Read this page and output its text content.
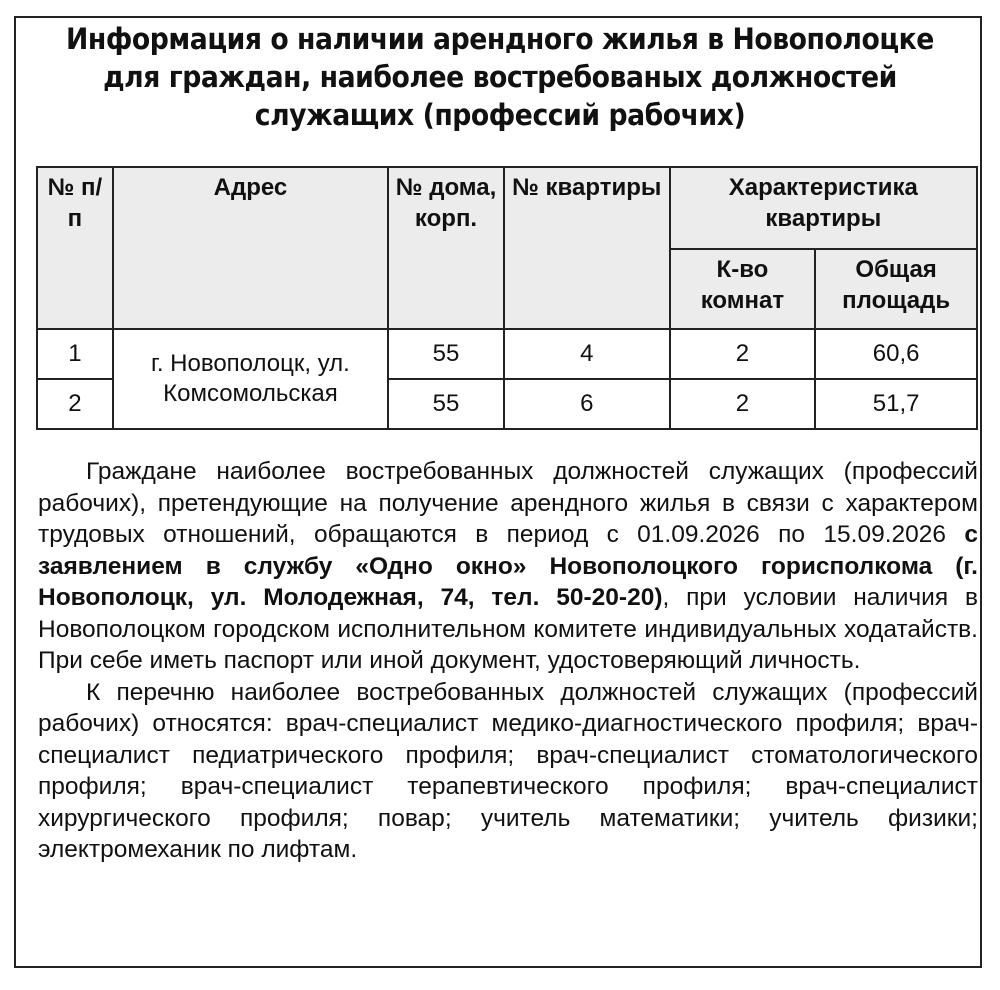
Информация о наличии арендного жилья в Новополоцке для граждан, наиболее востребованых должностей служащих (профессий рабочих)
№ п/п	Адрес	№ дома, корп.	№ квартиры	Характеристика квартиры	
				К-во комнат	Общая площадь
1	г. Новополоцк, ул. Комсомольская	55	4	2	60,6
2		55	6	2	51,7

Граждане наиболее востребованных должностей служащих (профессий рабочих), претендующие на получение арендного жилья в связи с характером трудовых отношений, обращаются в период с 01.09.2026 по 15.09.2026 с заявлением в службу «Одно окно» Новополоцкого горисполкома (г. Новополоцк, ул. Молодежная, 74, тел. 50-20-20), при условии наличия в Новополоцком городском исполнительном комитете индивидуальных ходатайств. При себе иметь паспорт или иной документ, удостоверяющий личность.

К перечню наиболее востребованных должностей служащих (профессий рабочих) относятся: врач-специалист медико-диагностического профиля; врач-специалист педиатрического профиля; врач-специалист стоматологического профиля; врач-специалист терапевтического профиля; врач-специалист хирургического профиля; повар; учитель математики; учитель физики; электромеханик по лифтам.
